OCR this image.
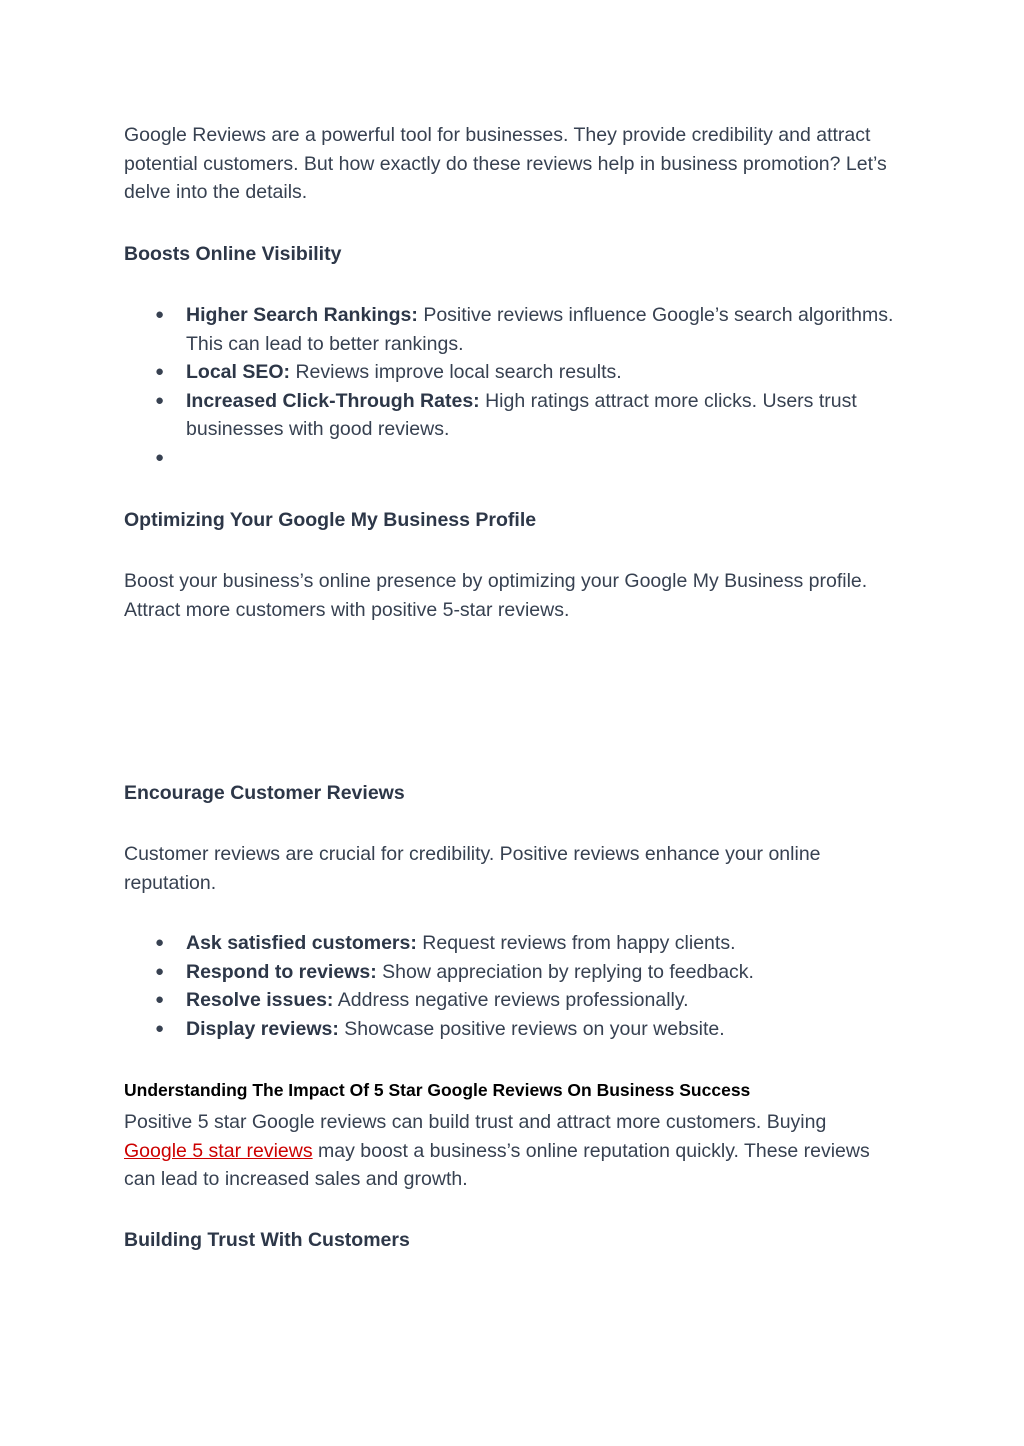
Google Reviews are a powerful tool for businesses. They provide credibility and attract potential customers. But how exactly do these reviews help in business promotion? Let’s delve into the details.

Boosts Online Visibility
● Higher Search Rankings: Positive reviews influence Google’s search algorithms. This can lead to better rankings.
● Local SEO: Reviews improve local search results.
● Increased Click-Through Rates: High ratings attract more clicks. Users trust businesses with good reviews.
●
Optimizing Your Google My Business Profile

Boost your business’s online presence by optimizing your Google My Business profile. Attract more customers with positive 5-star reviews.

Encourage Customer Reviews

Customer reviews are crucial for credibility. Positive reviews enhance your online reputation.

● Ask satisfied customers: Request reviews from happy clients.
● Respond to reviews: Show appreciation by replying to feedback.
● Resolve issues: Address negative reviews professionally.
● Display reviews: Showcase positive reviews on your website.
Understanding The Impact Of 5 Star Google Reviews On Business Success

Positive 5 star Google reviews can build trust and attract more customers. Buying Google 5 star reviews may boost a business’s online reputation quickly. These reviews can lead to increased sales and growth.

Building Trust With Customers
